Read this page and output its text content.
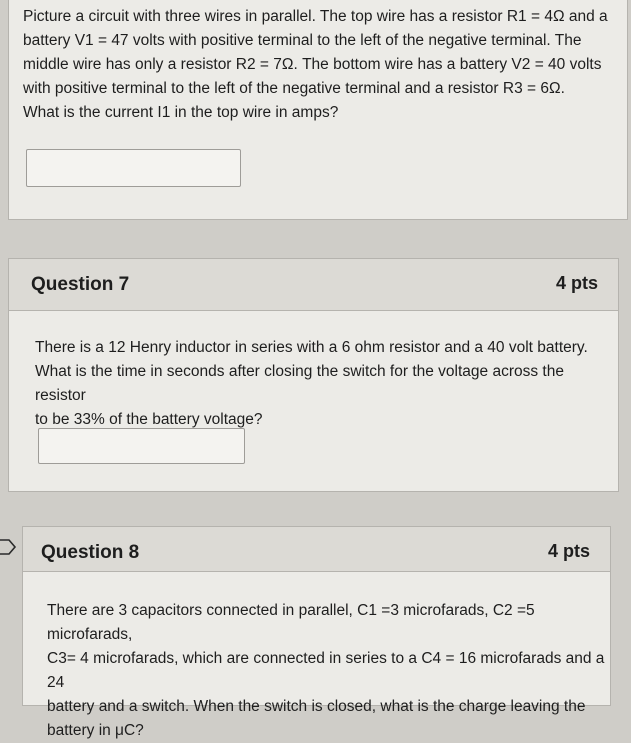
Picture a circuit with three wires in parallel. The top wire has a resistor R1 = 4Ω and a
battery V1 = 47 volts with positive terminal to the left of the negative terminal. The
middle wire has only a resistor R2 = 7Ω. The bottom wire has a battery V2 = 40 volts
with positive terminal to the left of the negative terminal and a resistor R3 = 6Ω.
What is the current I1 in the top wire in amps?
Question 7	4 pts
There is a 12 Henry inductor in series with a 6 ohm resistor and a 40 volt battery.
What is the time in seconds after closing the switch for the voltage across the resistor
to be 33% of the battery voltage?
Question 8	4 pts
There are 3 capacitors connected in parallel, C1 =3 microfarads, C2 =5 microfarads,
C3= 4 microfarads, which are connected in series to a C4 = 16 microfarads and a 24
battery and a switch. When the switch is closed, what is the charge leaving the
battery in μC?
